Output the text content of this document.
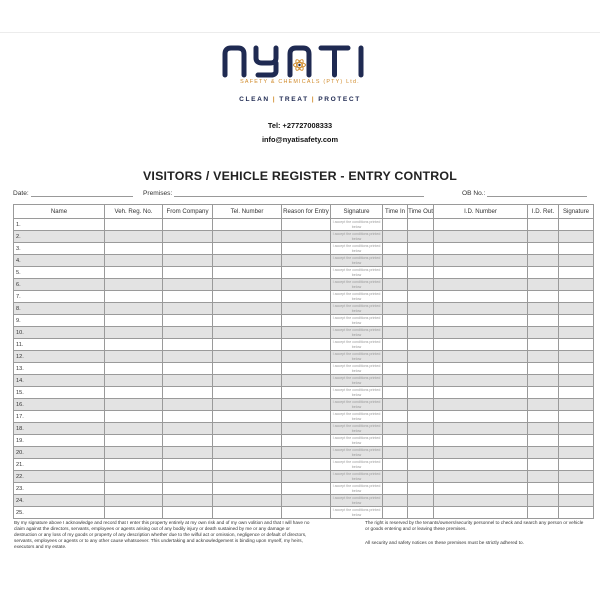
SAFETY & CHEMICALS (PTY) Ltd.
CLEAN | TREAT | PROTECT
Tel: +27727008333
info@nyatisafety.com
VISITORS / VEHICLE REGISTER - ENTRY CONTROL
Date:	Premises:	OB No.:
Name	Veh. Reg. No.	From Company	Tel. Number	Reason for Entry	Signature	Time In	Time Out	I.D. Number	I.D. Ret.	Signature
1.					I accept the conditions printed below					
2.					I accept the conditions printed below					
3.					I accept the conditions printed below					
4.					I accept the conditions printed below					
5.					I accept the conditions printed below					
6.					I accept the conditions printed below					
7.					I accept the conditions printed below					
8.					I accept the conditions printed below					
9.					I accept the conditions printed below					
10.					I accept the conditions printed below					
11.					I accept the conditions printed below					
12.					I accept the conditions printed below					
13.					I accept the conditions printed below					
14.					I accept the conditions printed below					
15.					I accept the conditions printed below					
16.					I accept the conditions printed below					
17.					I accept the conditions printed below					
18.					I accept the conditions printed below					
19.					I accept the conditions printed below					
20.					I accept the conditions printed below					
21.					I accept the conditions printed below					
22.					I accept the conditions printed below					
23.					I accept the conditions printed below					
24.					I accept the conditions printed below					
25.					I accept the conditions printed below					
By my signature above I acknowledge and record that I enter this property entirely at my own risk and of my own volition and that I will have no claim against the directors, servants, employees or agents arising out of any bodily injury or death sustained by me or any damage or destruction or any loss of my goods or property of any description whether due to the wilful act or omission, negligence or default of directors, servants, employees or agents or to any other cause whatsoever. This undertaking and acknowledgement is binding upon myself, my heirs, executors and my estate.
The right is reserved by the tenants/owners/security personnel to check and search any person or vehicle or goods entering and or leaving these premises.
All security and safety notices on these premises must be strictly adhered to.
